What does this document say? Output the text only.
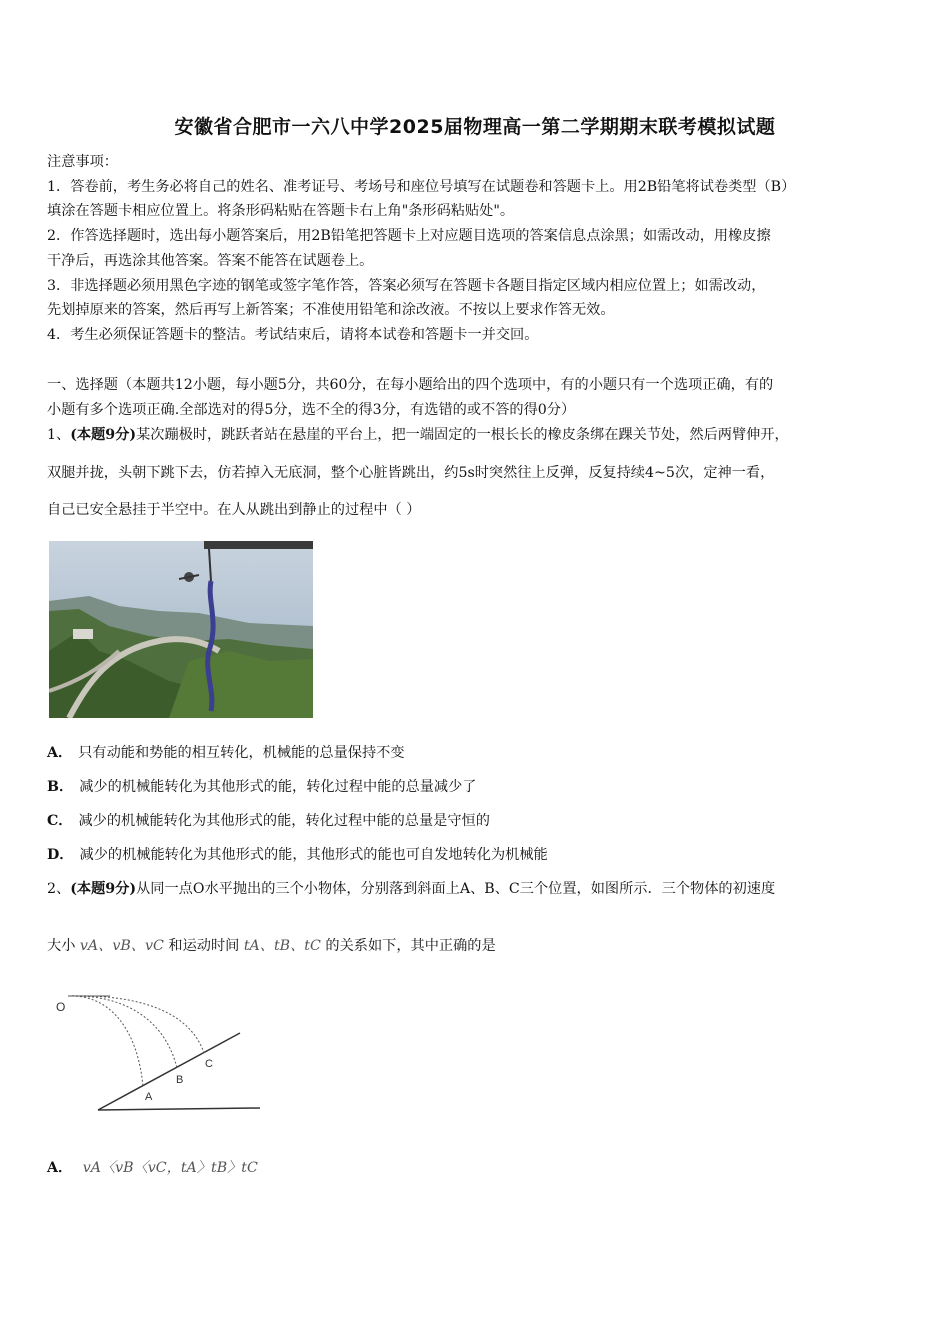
安徽省合肥市一六八中学2025届物理高一第二学期期末联考模拟试题
注意事项：
1．答卷前，考生务必将自己的姓名、准考证号、考场号和座位号填写在试题卷和答题卡上。用2B铅笔将试卷类型（B）
填涂在答题卡相应位置上。将条形码粘贴在答题卡右上角"条形码粘贴处"。
2．作答选择题时，选出每小题答案后，用2B铅笔把答题卡上对应题目选项的答案信息点涂黑；如需改动，用橡皮擦
干净后，再选涂其他答案。答案不能答在试题卷上。
3．非选择题必须用黑色字迹的钢笔或签字笔作答，答案必须写在答题卡各题目指定区域内相应位置上；如需改动，
先划掉原来的答案，然后再写上新答案；不准使用铅笔和涂改液。不按以上要求作答无效。
4．考生必须保证答题卡的整洁。考试结束后，请将本试卷和答题卡一并交回。
一、选择题（本题共12小题，每小题5分，共60分，在每小题给出的四个选项中，有的小题只有一个选项正确，有的
小题有多个选项正确.全部选对的得5分，选不全的得3分，有选错的或不答的得0分）
1、(本题9分)某次蹦极时，跳跃者站在悬崖的平台上，把一端固定的一根长长的橡皮条绑在踝关节处，然后两臂伸开，
双腿并拢，头朝下跳下去，仿若掉入无底洞，整个心脏皆跳出，约5s时突然往上反弹，反复持续4~5次，定神一看，
自己已安全悬挂于半空中。在人从跳出到静止的过程中（ ）
A． 只有动能和势能的相互转化，机械能的总量保持不变
B． 减少的机械能转化为其他形式的能，转化过程中能的总量减少了
C． 减少的机械能转化为其他形式的能，转化过程中能的总量是守恒的
D． 减少的机械能转化为其他形式的能，其他形式的能也可自发地转化为机械能
2、(本题9分)从同一点O水平抛出的三个小物体，分别落到斜面上A、B、C三个位置，如图所示．三个物体的初速度
大小 vA、vB、vC 和运动时间 tA、tB、tC 的关系如下，其中正确的是
O
A
B
C
A． vA〈vB〈vC，tA〉tB〉tC
